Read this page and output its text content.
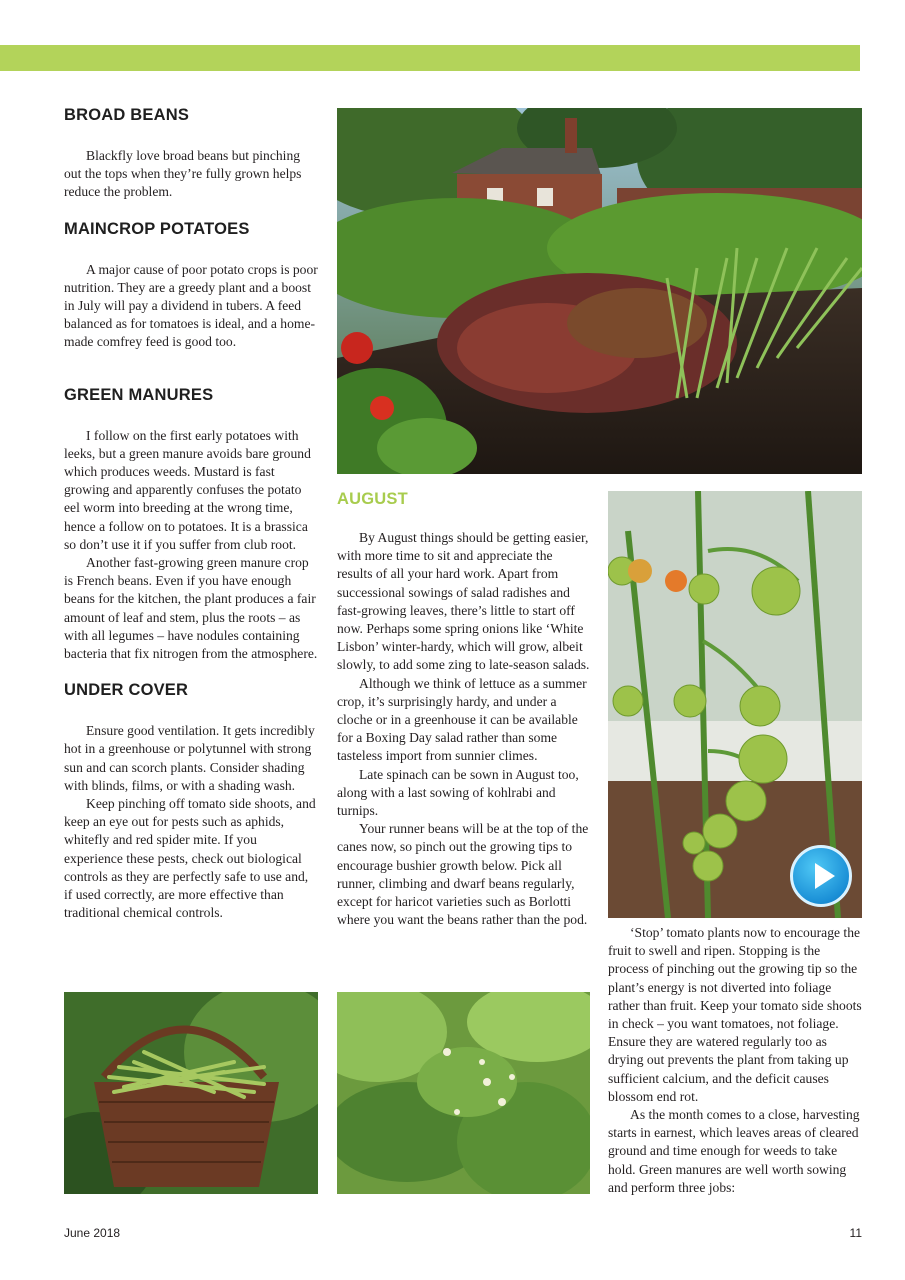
BROAD BEANS

Blackfly love broad beans but pinching out the tops when they’re fully grown helps reduce the problem.

MAINCROP POTATOES

A major cause of poor potato crops is poor nutrition. They are a greedy plant and a boost in July will pay a dividend in tubers. A feed balanced as for tomatoes is ideal, and a home-made comfrey feed is good too.

GREEN MANURES

I follow on the first early potatoes with leeks, but a green manure avoids bare ground which produces weeds. Mustard is fast growing and apparently confuses the potato eel worm into breeding at the wrong time, hence a follow on to potatoes. It is a brassica so don’t use it if you suffer from club root.

Another fast-growing green manure crop is French beans. Even if you have enough beans for the kitchen, the plant produces a fair amount of leaf and stem, plus the roots – as with all legumes – have nodules containing bacteria that fix nitrogen from the atmosphere.

UNDER COVER

Ensure good ventilation. It gets incredibly hot in a greenhouse or polytunnel with strong sun and can scorch plants. Consider shading with blinds, films, or with a shading wash.

Keep pinching off tomato side shoots, and keep an eye out for pests such as aphids, whitefly and red spider mite. If you experience these pests, check out biological controls as they are perfectly safe to use and, if used correctly, are more effective than traditional chemical controls.

AUGUST

By August things should be getting easier, with more time to sit and appreciate the results of all your hard work. Apart from successional sowings of salad radishes and fast-growing leaves, there’s little to start off now. Perhaps some spring onions like ‘White Lisbon’ winter-hardy, which will grow, albeit slowly, to add some zing to late-season salads.

Although we think of lettuce as a summer crop, it’s surprisingly hardy, and under a cloche or in a greenhouse it can be available for a Boxing Day salad rather than some tasteless import from sunnier climes.

Late spinach can be sown in August too, along with a last sowing of kohlrabi and turnips.

Your runner beans will be at the top of the canes now, so pinch out the growing tips to encourage bushier growth below. Pick all runner, climbing and dwarf beans regularly, except for haricot varieties such as Borlotti where you want the beans rather than the pod.

‘Stop’ tomato plants now to encourage the fruit to swell and ripen. Stopping is the process of pinching out the growing tip so the plant’s energy is not diverted into foliage rather than fruit. Keep your tomato side shoots in check – you want tomatoes, not foliage. Ensure they are watered regularly too as drying out prevents the plant from taking up sufficient calcium, and the deficit causes blossom end rot.

As the month comes to a close, harvesting starts in earnest, which leaves areas of cleared ground and time enough for weeds to take hold. Green manures are well worth sowing and perform three jobs:

June 2018	11
